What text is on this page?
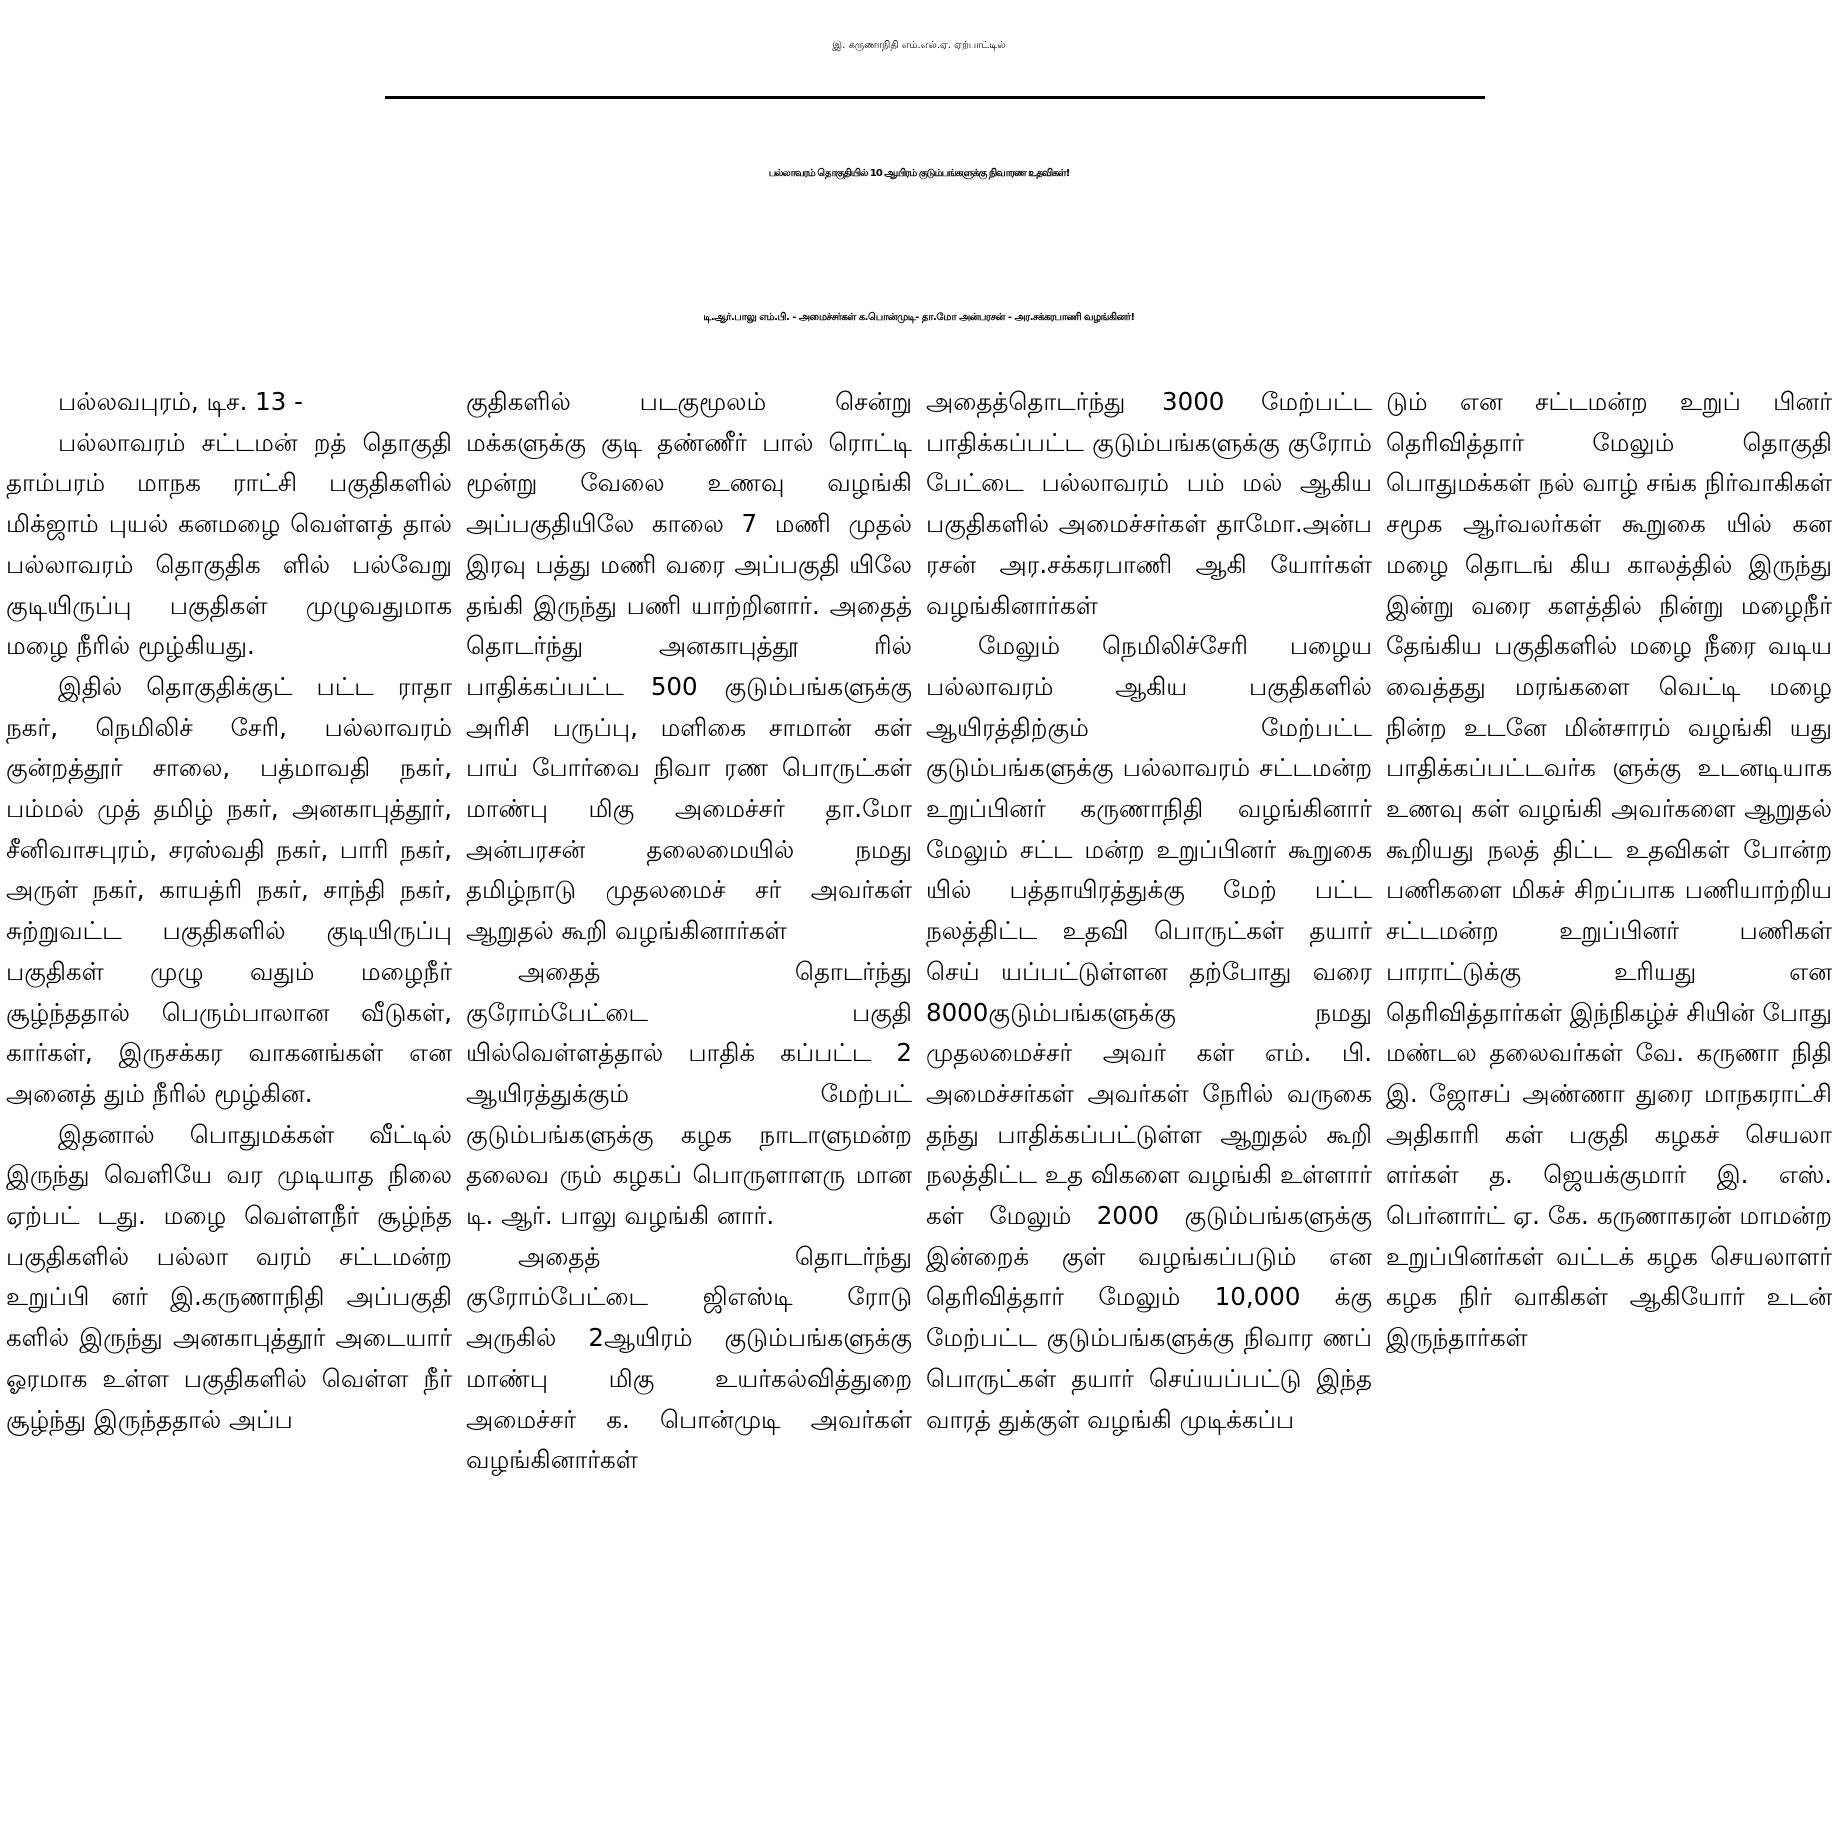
இ. கருணாநிதி எம்.எல்.ஏ. ஏற்பாட்டில்
பல்லாவரம் தொகுதியில் 10 ஆயிரம் குடும்பங்களுக்கு நிவாரண உதவிகள்!
டி.ஆர்.பாலு எம்.பி. - அமைச்சர்கள் க.பொன்முடி- தா.மோ அன்பரசன் - அர.சக்கரபாணி வழங்கினர்!

பல்லவபுரம், டிச. 13 -

பல்லாவரம் சட்டமன் றத் தொகுதி தாம்பரம் மாநக ராட்சி பகுதிகளில் மிக்ஜாம் புயல் கனமழை வெள்ளத் தால் பல்லாவரம் தொகுதிக ளில் பல்வேறு குடியிருப்பு பகுதிகள் முழுவதுமாக மழை நீரில் மூழ்கியது.

இதில் தொகுதிக்குட் பட்ட ராதா நகர், நெமிலிச் சேரி, பல்லாவரம் குன்றத்தூர் சாலை, பத்மாவதி நகர், பம்மல் முத் தமிழ் நகர், அனகாபுத்தூர், சீனிவாசபுரம், சரஸ்வதி நகர், பாரி நகர், அருள் நகர், காயத்ரி நகர், சாந்தி நகர், சுற்றுவட்ட பகுதிகளில் குடியிருப்பு பகுதிகள் முழு வதும் மழைநீர் சூழ்ந்ததால் பெரும்பாலான வீடுகள், கார்கள், இருசக்கர வாகனங்கள் என அனைத் தும் நீரில் மூழ்கின.

இதனால் பொதுமக்கள் வீட்டில் இருந்து வெளியே வர முடியாத நிலை ஏற்பட் டது. மழை வெள்ளநீர் சூழ்ந்த பகுதிகளில் பல்லா வரம் சட்டமன்ற உறுப்பி னர் இ.கருணாநிதி அப்பகுதி களில் இருந்து அனகாபுத்தூர் அடையார் ஓரமாக உள்ள பகுதிகளில் வெள்ள நீர் சூழ்ந்து இருந்ததால் அப்ப

குதிகளில் படகுமூலம் சென்று மக்களுக்கு குடி தண்ணீர் பால் ரொட்டி மூன்று வேலை உணவு வழங்கி அப்பகுதியிலே காலை 7 மணி முதல் இரவு பத்து மணி வரை அப்பகுதி யிலே தங்கி இருந்து பணி யாற்றினார். அதைத் தொடர்ந்து அனகாபுத்தூ ரில் பாதிக்கப்பட்ட 500 குடும்பங்களுக்கு அரிசி பருப்பு, மளிகை சாமான் கள் பாய் போர்வை நிவா ரண பொருட்கள் மாண்பு மிகு அமைச்சர் தா.மோ அன்பரசன் தலைமையில் நமது தமிழ்நாடு முதலமைச் சர் அவர்கள் ஆறுதல் கூறி வழங்கினார்கள்

அதைத் தொடர்ந்து குரோம்பேட்டை பகுதி யில்வெள்ளத்தால் பாதிக் கப்பட்ட 2 ஆயிரத்துக்கும் மேற்பட் குடும்பங்களுக்கு கழக நாடாளுமன்ற தலைவ ரும் கழகப் பொருளாளரு மான டி. ஆர். பாலு வழங்கி னார்.

அதைத் தொடர்ந்து குரோம்பேட்டை ஜிஎஸ்டி ரோடு அருகில் 2ஆயிரம் குடும்பங்களுக்கு மாண்பு மிகு உயர்கல்வித்துறை அமைச்சர் க. பொன்முடி அவர்கள் வழங்கினார்கள்

அதைத்தொடர்ந்து 3000 மேற்பட்ட பாதிக்கப்பட்ட குடும்பங்களுக்கு குரோம் பேட்டை பல்லாவரம் பம் மல் ஆகிய பகுதிகளில் அமைச்சர்கள் தாமோ.அன்ப ரசன் அர.சக்கரபாணி ஆகி யோர்கள் வழங்கினார்கள்

மேலும் நெமிலிச்சேரி பழைய பல்லாவரம் ஆகிய பகுதிகளில் ஆயிரத்திற்கும் மேற்பட்ட குடும்பங்களுக்கு பல்லாவரம் சட்டமன்ற உறுப்பினர் கருணாநிதி வழங்கினார் மேலும் சட்ட மன்ற உறுப்பினர் கூறுகை யில் பத்தாயிரத்துக்கு மேற் பட்ட நலத்திட்ட உதவி பொருட்கள் தயார் செய் யப்பட்டுள்ளன தற்போது வரை 8000குடும்பங்களுக்கு நமது முதலமைச்சர் அவர் கள் எம். பி. அமைச்சர்கள் அவர்கள் நேரில் வருகை தந்து பாதிக்கப்பட்டுள்ள ஆறுதல் கூறி நலத்திட்ட உத விகளை வழங்கி உள்ளார் கள் மேலும் 2000 குடும்பங்களுக்கு இன்றைக் குள் வழங்கப்படும் என தெரிவித்தார் மேலும் 10,000 க்கு மேற்பட்ட குடும்பங்களுக்கு நிவார ணப் பொருட்கள் தயார் செய்யப்பட்டு இந்த வாரத் துக்குள் வழங்கி முடிக்கப்ப

டும் என சட்டமன்ற உறுப் பினர் தெரிவித்தார் மேலும் தொகுதி பொதுமக்கள் நல் வாழ் சங்க நிர்வாகிகள் சமூக ஆர்வலர்கள் கூறுகை யில் கன மழை தொடங் கிய காலத்தில் இருந்து இன்று வரை களத்தில் நின்று மழைநீர் தேங்கிய பகுதிகளில் மழை நீரை வடிய வைத்தது மரங்களை வெட்டி மழை நின்ற உடனே மின்சாரம் வழங்கி யது பாதிக்கப்பட்டவர்க ளுக்கு உடனடியாக உணவு கள் வழங்கி அவர்களை ஆறுதல் கூறியது நலத் திட்ட உதவிகள் போன்ற பணிகளை மிகச் சிறப்பாக பணியாற்றிய சட்டமன்ற உறுப்பினர் பணிகள் பாராட்டுக்கு உரியது என தெரிவித்தார்கள் இந்நிகழ்ச் சியின் போது மண்டல தலைவர்கள் வே. கருணா நிதி இ. ஜோசப் அண்ணா துரை மாநகராட்சி அதிகாரி கள் பகுதி கழகச் செயலா ளர்கள் த. ஜெயக்குமார் இ. எஸ். பெர்னார்ட் ஏ. கே. கருணாகரன் மாமன்ற உறுப்பினர்கள் வட்டக் கழக செயலாளர் கழக நிர் வாகிகள் ஆகியோர் உடன் இருந்தார்கள்
